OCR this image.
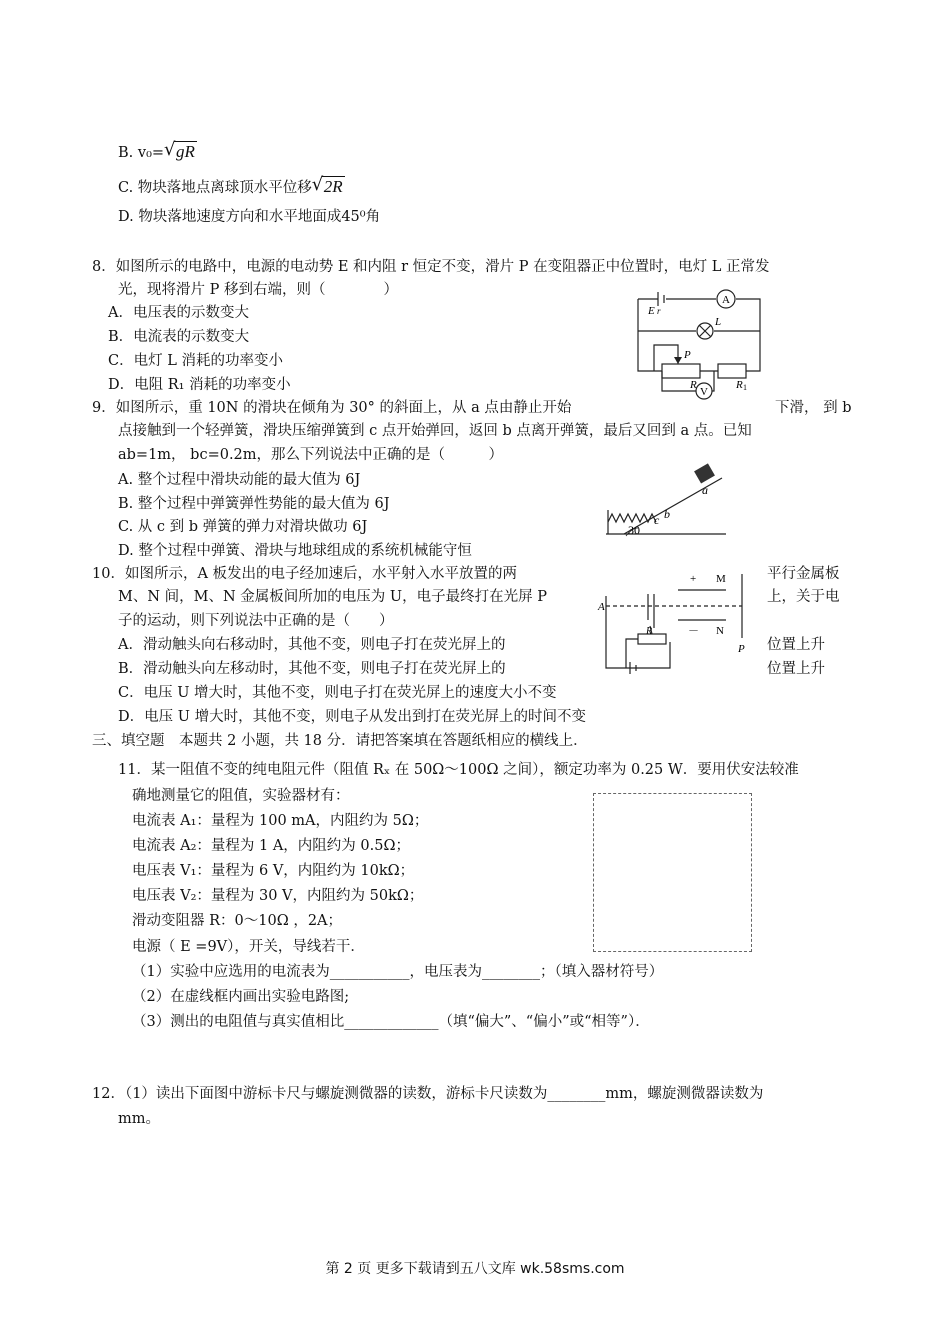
B. v₀= √ gR
C. 物块落地点离球顶水平位移 √ 2R
D. 物块落地速度方向和水平地面成45⁰角
8．如图所示的电路中，电源的电动势 E 和内阻 r 恒定不变，滑片 P 在变阻器正中位置时，电灯 L 正常发
光，现将滑片 P 移到右端，则（　　　　）
A．电压表的示数变大
B．电流表的示数变大
C．电灯 L 消耗的功率变小
D．电阻 R₁ 消耗的功率变小
A
E r
L
P
R	R 1
V
9．如图所示，重 10N 的滑块在倾角为 30° 的斜面上，从 a 点由静止开始	下滑， 到 b
点接触到一个轻弹簧，滑块压缩弹簧到 c 点开始弹回，返回 b 点离开弹簧，最后又回到 a 点。已知
ab=1m， bc=0.2m，那么下列说法中正确的是（　　　）
A. 整个过程中滑块动能的最大值为 6J
B. 整个过程中弹簧弹性势能的最大值为 6J
C. 从 c 到 b 弹簧的弹力对滑块做功 6J
D. 整个过程中弹簧、滑块与地球组成的系统机械能守恒
a
b
c
30
10．如图所示，A 板发出的电子经加速后，水平射入水平放置的两	平行金属板
M、N 间，M、N 金属板间所加的电压为 U，电子最终打在光屏 P	上，关于电
子的运动，则下列说法中正确的是（　　）
A．滑动触头向右移动时，其他不变，则电子打在荧光屏上的	位置上升
B．滑动触头向左移动时，其他不变，则电子打在荧光屏上的	位置上升
C．电压 U 增大时，其他不变，则电子打在荧光屏上的速度大小不变
D．电压 U 增大时，其他不变，则电子从发出到打在荧光屏上的时间不变
+ M
－ N
A
R
P
三、填空题　本题共 2 小题，共 18 分．请把答案填在答题纸相应的横线上．
11．某一阻值不变的纯电阻元件（阻值 Rₓ 在 50Ω～100Ω 之间），额定功率为 0.25 W．要用伏安法较准
确地测量它的阻值，实验器材有：
电流表 A₁：量程为 100 mA，内阻约为 5Ω；
电流表 A₂：量程为 1 A，内阻约为 0.5Ω；
电压表 V₁：量程为 6 V，内阻约为 10kΩ；
电压表 V₂：量程为 30 V，内阻约为 50kΩ；
滑动变阻器 R：0～10Ω ，2A；
电源（ E =9V），开关，导线若干．
（1）实验中应选用的电流表为___________，电压表为________；（填入器材符号）
（2）在虚线框内画出实验电路图;
（3）测出的电阻值与真实值相比_____________（填“偏大”、“偏小”或“相等”）．
12．（1）读出下面图中游标卡尺与螺旋测微器的读数，游标卡尺读数为________mm，螺旋测微器读数为
mm。
第 2 页 更多下载请到五八文库 wk.58sms.com
